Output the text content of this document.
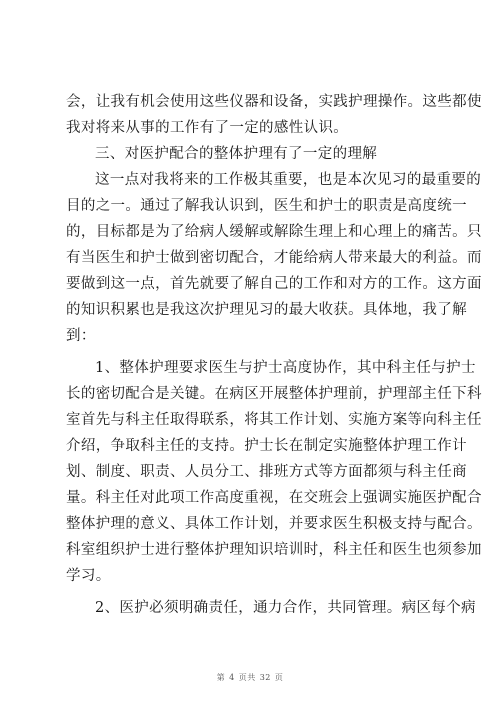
会，让我有机会使用这些仪器和设备，实践护理操作。这些都使
我对将来从事的工作有了一定的感性认识。
三、对医护配合的整体护理有了一定的理解
这一点对我将来的工作极其重要，也是本次见习的最重要的
目的之一。通过了解我认识到，医生和护士的职责是高度统一
的，目标都是为了给病人缓解或解除生理上和心理上的痛苦。只
有当医生和护士做到密切配合，才能给病人带来最大的利益。而
要做到这一点，首先就要了解自己的工作和对方的工作。这方面
的知识积累也是我这次护理见习的最大收获。具体地，我了解
到：
1、整体护理要求医生与护士高度协作，其中科主任与护士
长的密切配合是关键。在病区开展整体护理前，护理部主任下科
室首先与科主任取得联系，将其工作计划、实施方案等向科主任
介绍，争取科主任的支持。护士长在制定实施整体护理工作计
划、制度、职责、人员分工、排班方式等方面都须与科主任商
量。科主任对此项工作高度重视，在交班会上强调实施医护配合
整体护理的意义、具体工作计划，并要求医生积极支持与配合。
科室组织护士进行整体护理知识培训时，科主任和医生也须参加
学习。
2、医护必须明确责任，通力合作，共同管理。病区每个病
第 4 页共 32 页
